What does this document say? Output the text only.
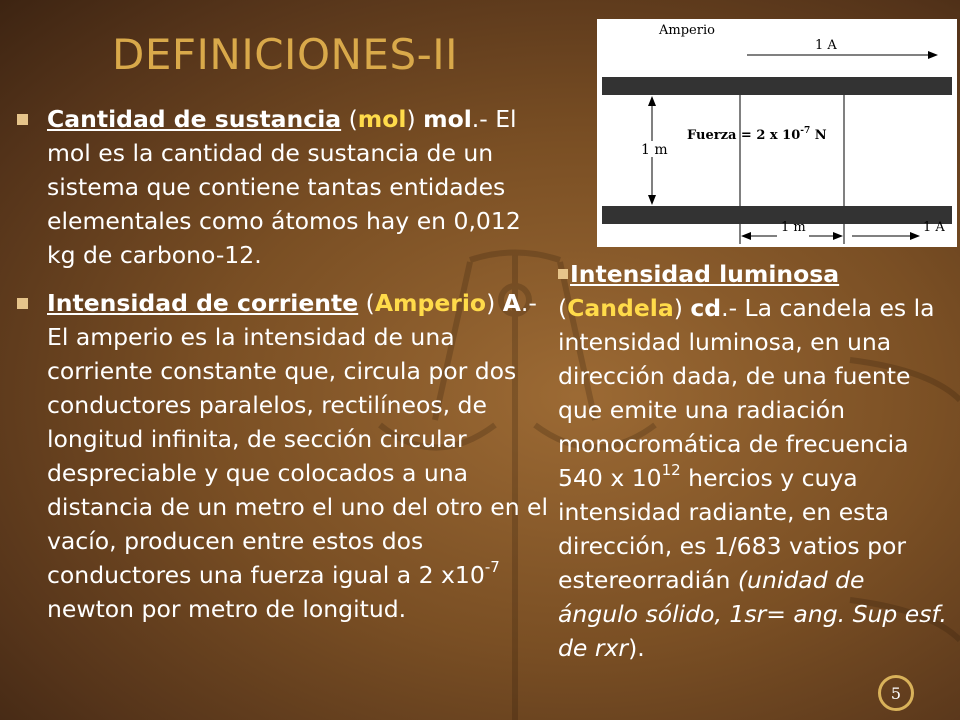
DEFINICIONES-II
Cantidad de sustancia (mol) mol.- El mol es la cantidad de sustancia de un sistema que contiene tantas entidades elementales como átomos hay en 0,012 kg de carbono-12.
Intensidad de corriente (Amperio) A.- El amperio es la intensidad de una corriente constante que, circula por dos conductores paralelos, rectilíneos, de longitud infinita, de sección circular despreciable y que colocados a una distancia de un metro el uno del otro en el vacío, producen entre estos dos conductores una fuerza igual a 2 $x10^{-7}$ newton por metro de longitud.
Intensidad luminosa (Candela) cd.- La candela es la intensidad luminosa, en una dirección dada, de una fuente que emite una radiación monocromática de frecuencia 540 x $10^{12}$ hercios y cuya intensidad radiante, en esta dirección, es 1/683 vatios por estereorradián (unidad de ángulo sólido, 1sr= ang. Sup esf. de rxr).
Amperio
1 A
1 m
Fuerza = 2 x $10^{-7}$ N
1 m	1 A
5
